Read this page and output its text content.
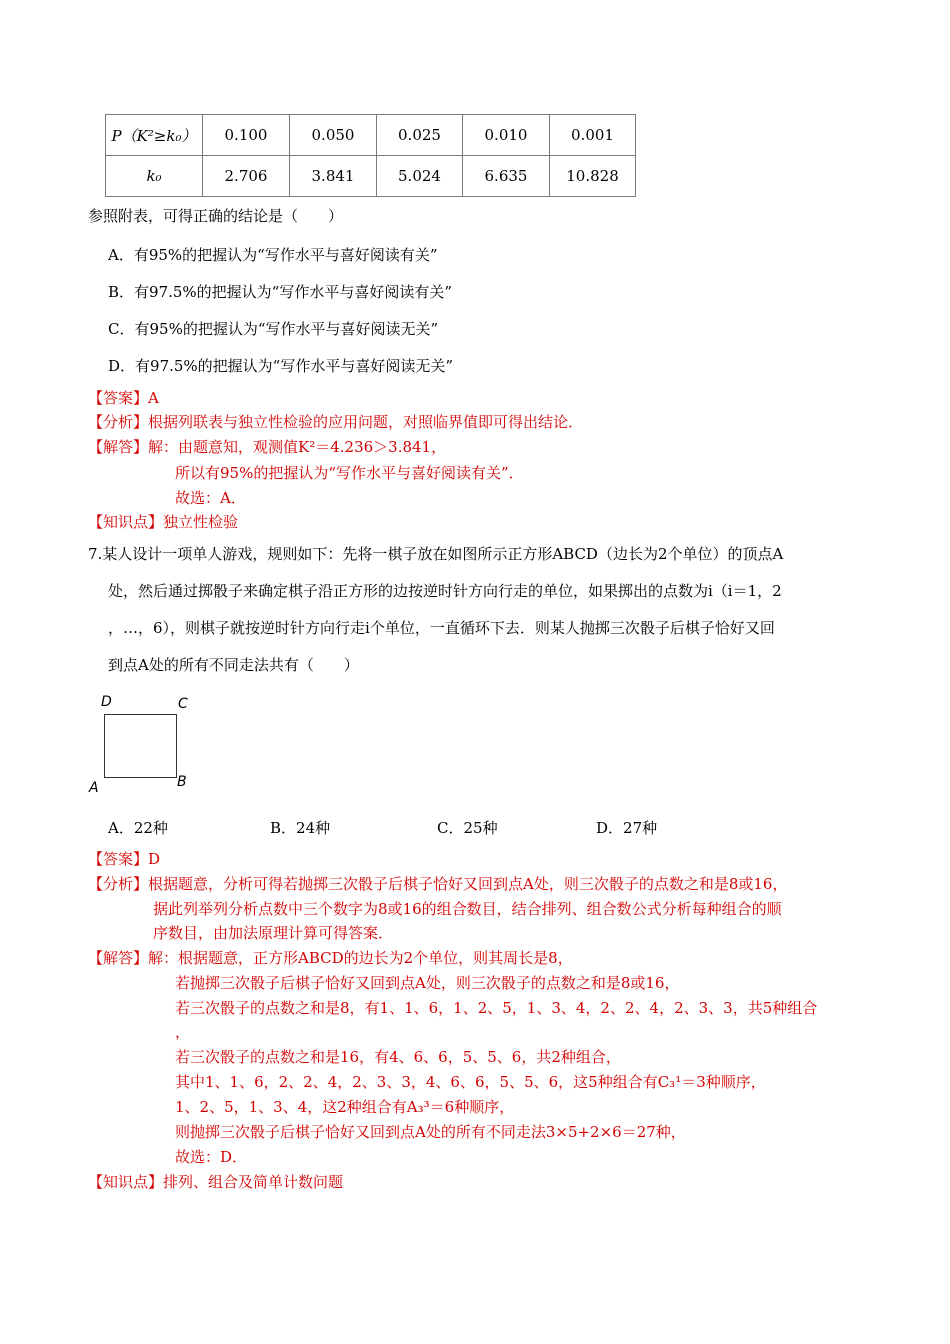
P（K²≥k₀）	0.100	0.050	0.025	0.010	0.001
k₀	2.706	3.841	5.024	6.635	10.828
参照附表，可得正确的结论是（　　）
A．有95%的把握认为“写作水平与喜好阅读有关”
B．有97.5%的把握认为“写作水平与喜好阅读有关”
C．有95%的把握认为“写作水平与喜好阅读无关”
D．有97.5%的把握认为“写作水平与喜好阅读无关”
【答案】A
【分析】根据列联表与独立性检验的应用问题，对照临界值即可得出结论．
【解答】解：由题意知，观测值K²＝4.236＞3.841，
所以有95%的把握认为“写作水平与喜好阅读有关”．
故选：A．
【知识点】独立性检验
7.某人设计一项单人游戏，规则如下：先将一棋子放在如图所示正方形ABCD（边长为2个单位）的顶点A
处，然后通过掷骰子来确定棋子沿正方形的边按逆时针方向行走的单位，如果掷出的点数为i（i＝1，2
，…，6），则棋子就按逆时针方向行走i个单位，一直循环下去．则某人抛掷三次骰子后棋子恰好又回
到点A处的所有不同走法共有（　　）
D	C
A	B
A．22种	B．24种	C．25种	D．27种
【答案】D
【分析】根据题意，分析可得若抛掷三次骰子后棋子恰好又回到点A处，则三次骰子的点数之和是8或16，
据此列举列分析点数中三个数字为8或16的组合数目，结合排列、组合数公式分析每种组合的顺
序数目，由加法原理计算可得答案．
【解答】解：根据题意，正方形ABCD的边长为2个单位，则其周长是8，
若抛掷三次骰子后棋子恰好又回到点A处，则三次骰子的点数之和是8或16，
若三次骰子的点数之和是8，有1、1、6，1、2、5，1、3、4，2、2、4，2、3、3，共5种组合
，
若三次骰子的点数之和是16，有4、6、6，5、5、6，共2种组合，
其中1、1、6，2、2、4，2、3、3，4、6、6，5、5、6，这5种组合有C₃¹＝3种顺序，
1、2、5，1、3、4，这2种组合有A₃³＝6种顺序，
则抛掷三次骰子后棋子恰好又回到点A处的所有不同走法3×5+2×6＝27种，
故选：D．
【知识点】排列、组合及简单计数问题
